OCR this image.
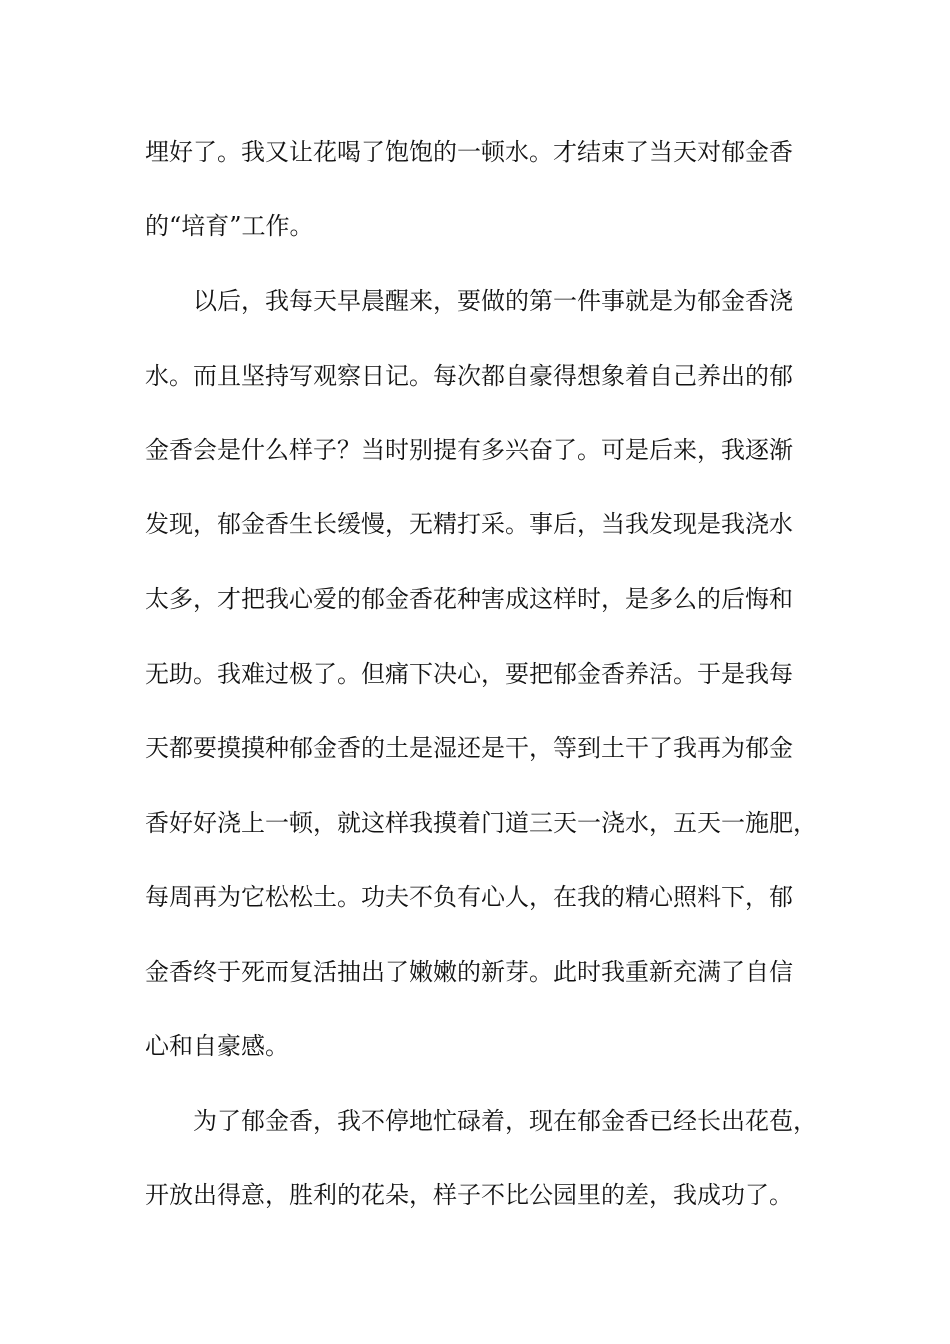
埋好了。我又让花喝了饱饱的一顿水。才结束了当天对郁金香
的“培育”工作。
　　以后，我每天早晨醒来，要做的第一件事就是为郁金香浇
水。而且坚持写观察日记。每次都自豪得想象着自己养出的郁
金香会是什么样子？当时别提有多兴奋了。可是后来，我逐渐
发现，郁金香生长缓慢，无精打采。事后，当我发现是我浇水
太多，才把我心爱的郁金香花种害成这样时，是多么的后悔和
无助。我难过极了。但痛下决心，要把郁金香养活。于是我每
天都要摸摸种郁金香的土是湿还是干，等到土干了我再为郁金
香好好浇上一顿，就这样我摸着门道三天一浇水，五天一施肥，
每周再为它松松土。功夫不负有心人，在我的精心照料下，郁
金香终于死而复活抽出了嫩嫩的新芽。此时我重新充满了自信
心和自豪感。
　　为了郁金香，我不停地忙碌着，现在郁金香已经长出花苞，
开放出得意，胜利的花朵，样子不比公园里的差，我成功了。
